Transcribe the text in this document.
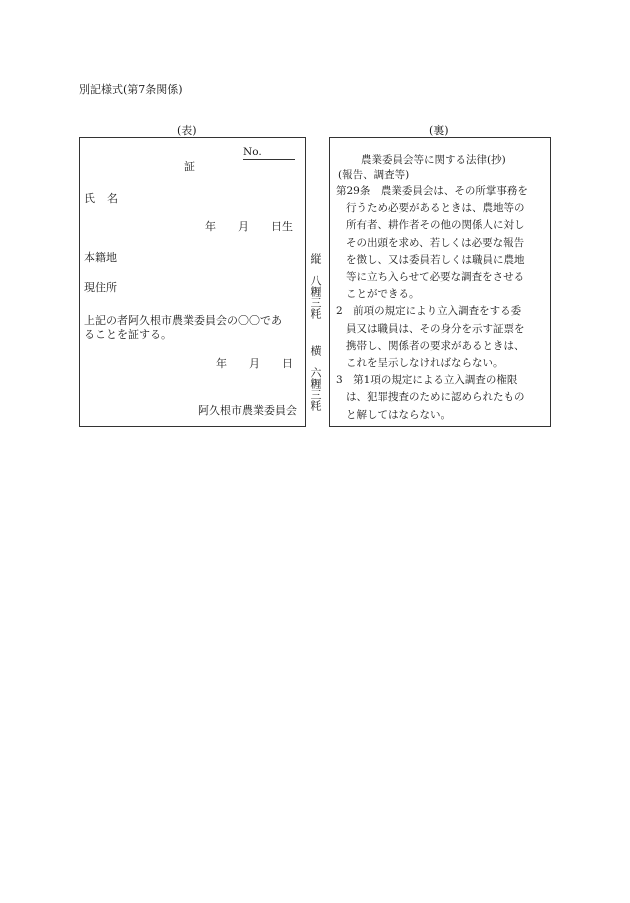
別記様式(第7条関係)
(表)	(裏)
No.
証
氏 名
年　　月　　日生
本籍地
現住所
上記の者阿久根市農業委員会の〇〇であ
ることを証する。
年　　月　　日
阿久根市農業委員会
縦　八糎三粍
横　六糎三粍
農業委員会等に関する法律(抄)
(報告、調査等)
第29条　農業委員会は、その所掌事務を
行うため必要があるときは、農地等の
所有者、耕作者その他の関係人に対し
その出頭を求め、若しくは必要な報告
を徴し、又は委員若しくは職員に農地
等に立ち入らせて必要な調査をさせる
ことができる。
2　前項の規定により立入調査をする委
員又は職員は、その身分を示す証票を
携帯し、関係者の要求があるときは、
これを呈示しなければならない。
3　第1項の規定による立入調査の権限
は、犯罪捜査のために認められたもの
と解してはならない。
